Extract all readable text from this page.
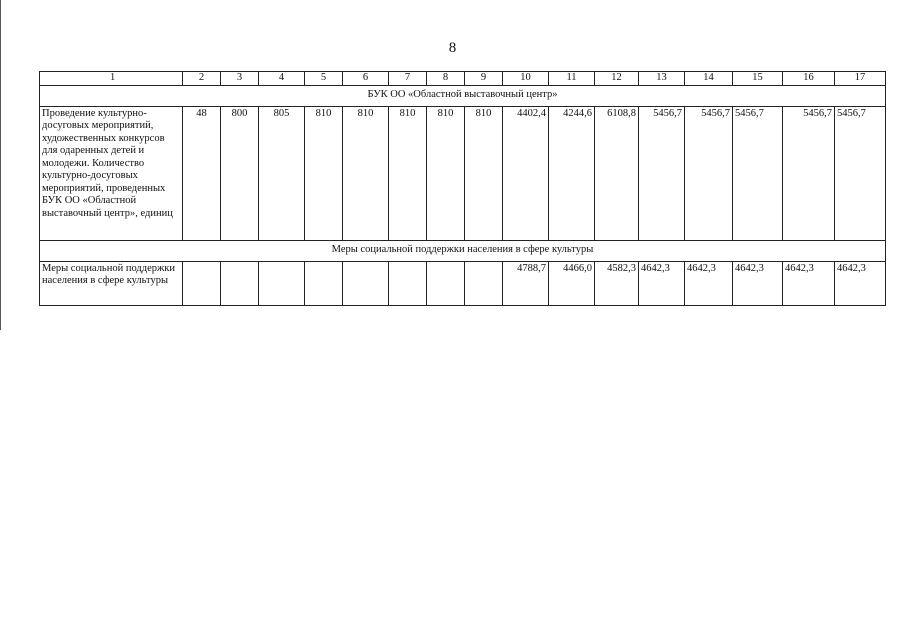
8
1	2	3	4	5	6	7	8	9	10	11	12	13	14	15	16	17
БУК ОО «Областной выставочный центр»																
Проведение культурно-досуговых мероприятий, художественных конкурсов для одаренных детей и молодежи. Количество культурно-досуговых мероприятий, проведенных БУК ОО «Областной выставочный центр», единиц	48	800	805	810	810	810	810	810	4402,4	4244,6	6108,8	5456,7	5456,7	5456,7	5456,7	5456,7
Меры социальной поддержки населения в сфере культуры																
Меры социальной поддержки населения в сфере культуры									4788,7	4466,0	4582,3	4642,3	4642,3	4642,3	4642,3	4642,3
